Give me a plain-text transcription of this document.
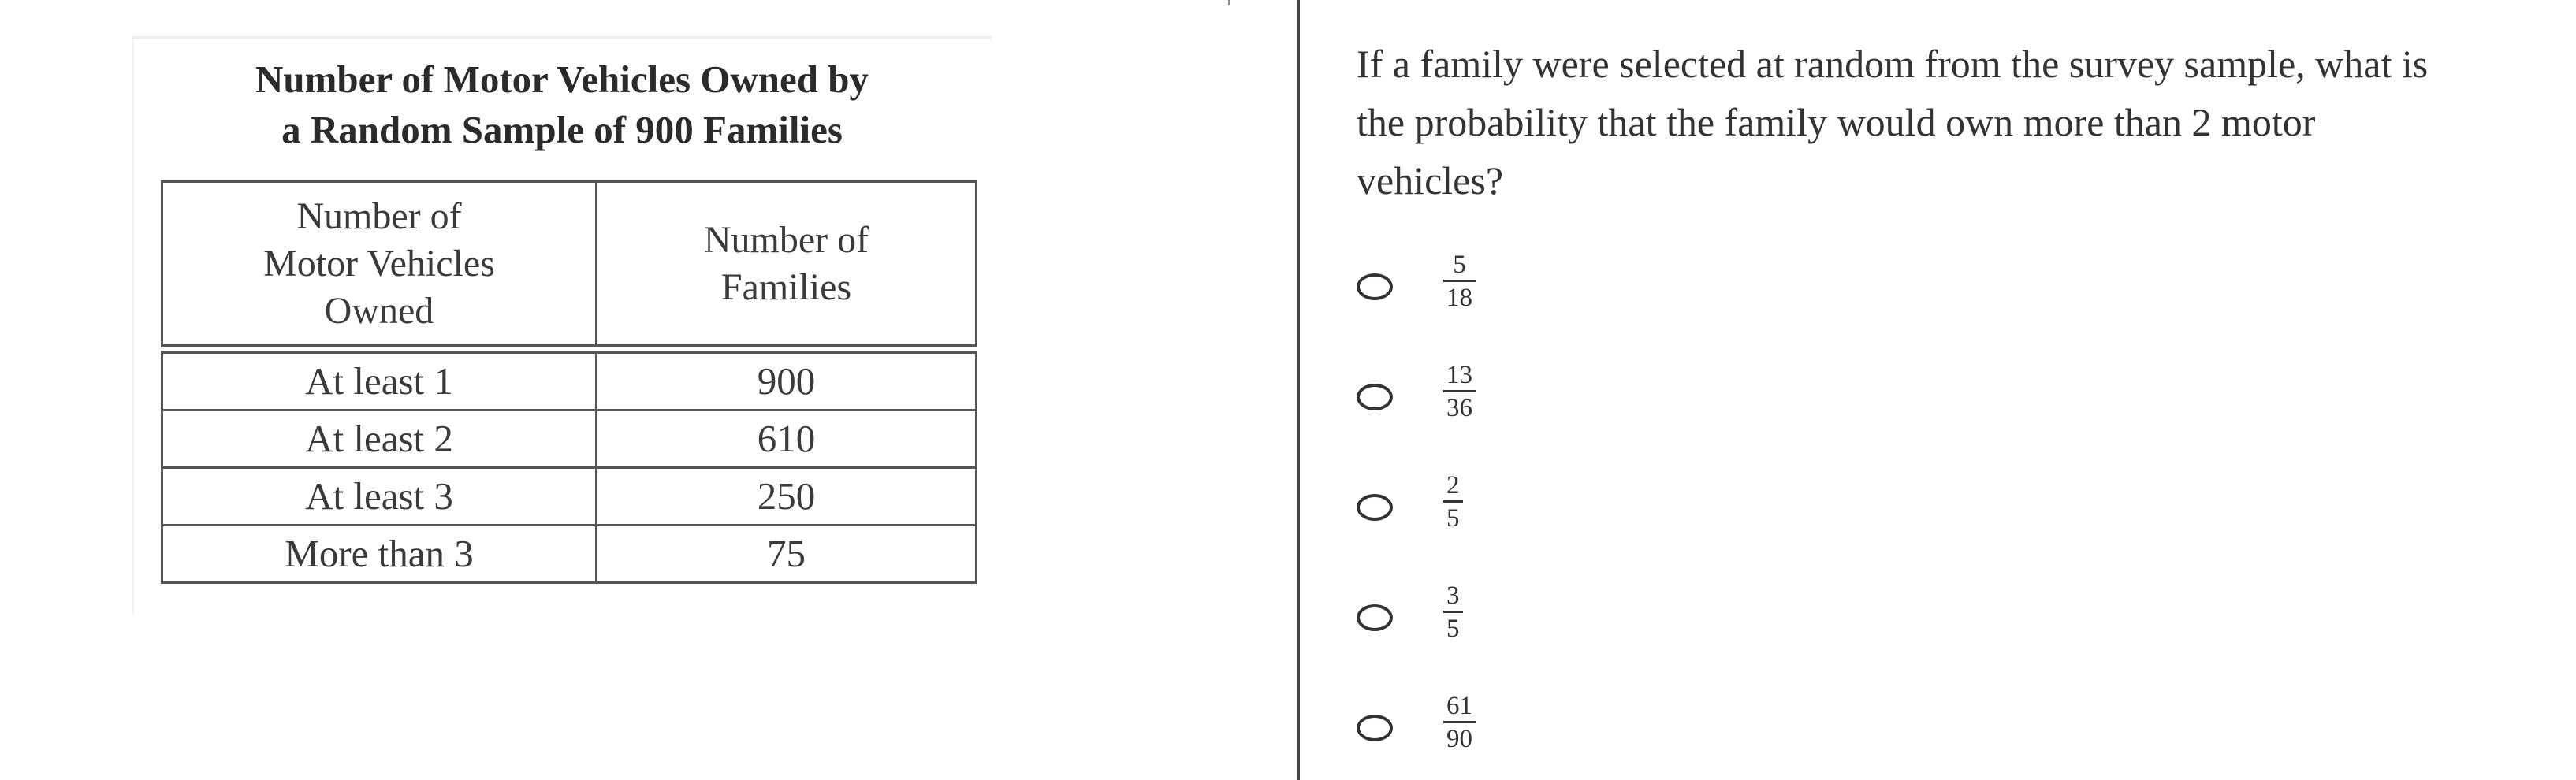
Number of Motor Vehicles Owned by
a Random Sample of 900 Families
Number of
Motor Vehicles
Owned	Number of
Families
At least 1	900
At least 2	610
At least 3	250
More than 3	75

If a family were selected at random from the survey sample, what is the probability that the family would own more than 2 motor vehicles?

5
18
13
36
2
5
3
5
61
90
